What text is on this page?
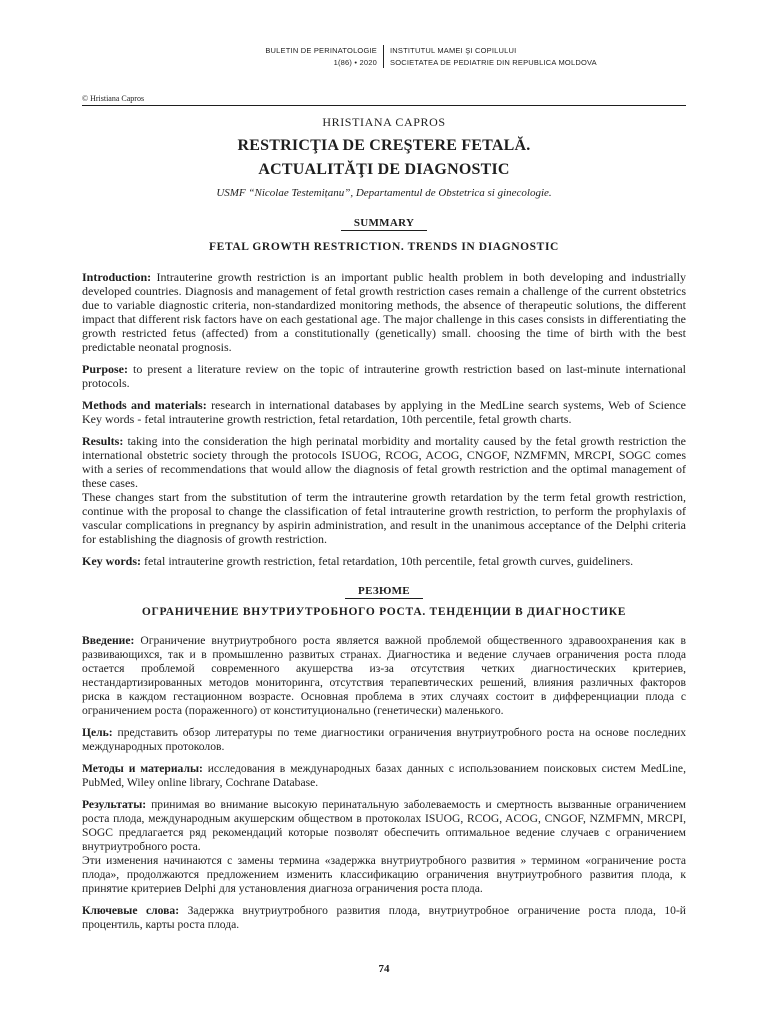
BULETIN DE PERINATOLOGIE
1(86) • 2020
INSTITUTUL MAMEI ŞI COPILULUI
SOCIETATEA DE PEDIATRIE DIN REPUBLICA MOLDOVA
© Hristiana Capros
HRISTIANA CAPROS
RESTRICŢIA DE CREŞTERE FETALĂ.
ACTUALITĂŢI DE DIAGNOSTIC
USMF “Nicolae Testemițanu”, Departamentul de Obstetrica si ginecologie.
SUMMARY
FETAL GROWTH RESTRICTION. TRENDS IN DIAGNOSTIC

Introduction: Intrauterine growth restriction is an important public health problem in both developing and industrially developed countries. Diagnosis and management of fetal growth restriction cases remain a challenge of the current obstetrics due to variable diagnostic criteria, non-standardized monitoring methods, the absence of therapeutic solutions, the different impact that different risk factors have on each gestational age. The major challenge in this cases consists in differentiating the growth restricted fetus (affected) from a constitutionally (genetically) small. choosing the time of birth with the best predictable neonatal prognosis.

Purpose: to present a literature review on the topic of intrauterine growth restriction based on last-minute international protocols.

Methods and materials: research in international databases by applying in the MedLine search systems, Web of Science Key words - fetal intrauterine growth restriction, fetal retardation, 10th percentile, fetal growth charts.

Results: taking into the consideration the high perinatal morbidity and mortality caused by the fetal growth restriction the international obstetric society through the protocols ISUOG, RCOG, ACOG, CNGOF, NZMFMN, MRCPI, SOGC comes with a series of recommendations that would allow the diagnosis of fetal growth restriction and the optimal management of these cases.

These changes start from the substitution of term the intrauterine growth retardation by the term fetal growth restriction, continue with the proposal to change the classification of fetal intrauterine growth restriction, to perform the prophylaxis of vascular complications in pregnancy by aspirin administration, and result in the unanimous acceptance of the Delphi criteria for establishing the diagnosis of growth restriction.

Key words: fetal intrauterine growth restriction, fetal retardation, 10th percentile, fetal growth curves, guideliners.

РЕЗЮМЕ
ОГРАНИЧЕНИЕ ВНУТРИУТРОБНОГО РОСТА. ТЕНДЕНЦИИ В ДИАГНОСТИКЕ

Введение: Ограничение внутриутробного роста является важной проблемой общественного здравоохранения как в развивающихся, так и в промышленно развитых странах. Диагностика и ведение случаев ограничения роста плода остается проблемой современного акушерства из-за отсутствия четких диагностических критериев, нестандартизированных методов мониторинга, отсутствия терапевтических решений, влияния различных факторов риска в каждом гестационном возрасте. Основная проблема в этих случаях состоит в дифференциации плода с ограничением роста (пораженного) от конституционально (генетически) маленького.

Цель: представить обзор литературы по теме диагностики ограничения внутриутробного роста на основе последних международных протоколов.

Методы и материалы: исследования в международных базах данных с использованием поисковых систем MedLine, PubMed, Wiley online library, Cochrane Database.

Результаты: принимая во внимание высокую перинатальную заболеваемость и смертность вызванные ограничением роста плода, международным акушерским обществом в протоколах ISUOG, RCOG, ACOG, CNGOF, NZMFMN, MRCPI, SOGC предлагается ряд рекомендаций которые позволят обеспечить оптимальное ведение случаев с ограничением внутриутробного роста.

Эти изменения начинаются с замены термина «задержка внутриутробного развития » термином «ограничение роста плода», продолжаются предложением изменить классификацию ограничения внутриутробного развития плода, к принятие критериев Delphi для установления диагноза ограничения роста плода.

Ключевые слова: Задержка внутриутробного развития плода, внутриутробное ограничение роста плода, 10-й процентиль, карты роста плода.

74
